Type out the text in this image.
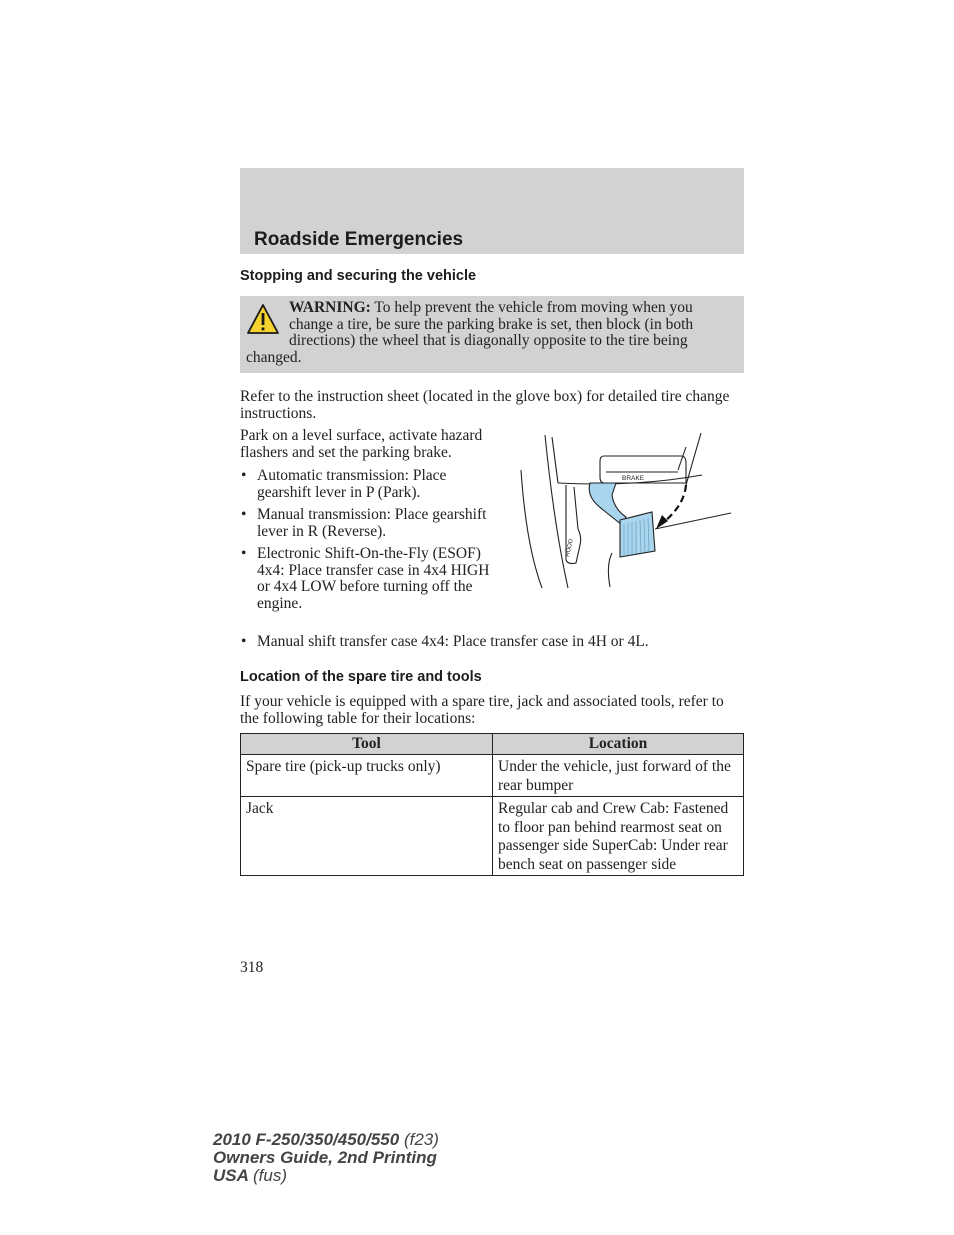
Roadside Emergencies
Stopping and securing the vehicle
WARNING: To help prevent the vehicle from moving when you change a tire, be sure the parking brake is set, then block (in both directions) the wheel that is diagonally opposite to the tire being changed.

Refer to the instruction sheet (located in the glove box) for detailed tire change instructions.

Park on a level surface, activate hazard flashers and set the parking brake.

• Automatic transmission: Place gearshift lever in P (Park).
• Manual transmission: Place gearshift lever in R (Reverse).
• Electronic Shift-On-the-Fly (ESOF) 4x4: Place transfer case in 4x4 HIGH or 4x4 LOW before turning off the engine.
• Manual shift transfer case 4x4: Place transfer case in 4H or 4L.
BRAKE
HOOD
Location of the spare tire and tools

If your vehicle is equipped with a spare tire, jack and associated tools, refer to the following table for their locations:

Tool	Location
Spare tire (pick-up trucks only)	Under the vehicle, just forward of the rear bumper
Jack	Regular cab and Crew Cab: Fastened to floor pan behind rearmost seat on passenger side SuperCab: Under rear bench seat on passenger side
318
2010 F-250/350/450/550 (f23)
Owners Guide, 2nd Printing
USA (fus)
